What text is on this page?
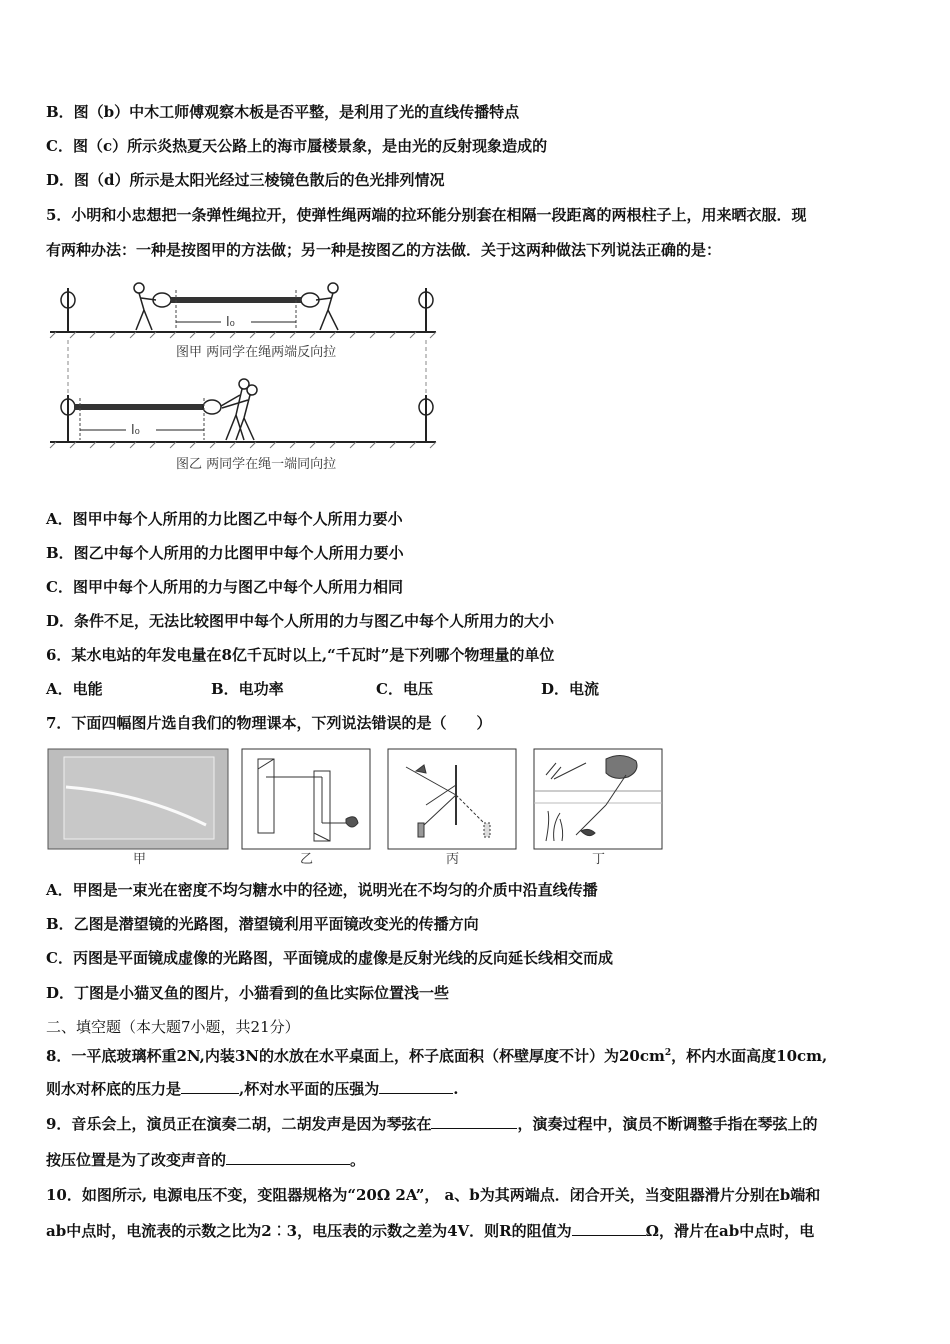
B．图（b）中木工师傅观察木板是否平整，是利用了光的直线传播特点
C．图（c）所示炎热夏天公路上的海市蜃楼景象，是由光的反射现象造成的
D．图（d）所示是太阳光经过三棱镜色散后的色光排列情况
5．小明和小忠想把一条弹性绳拉开，使弹性绳两端的拉环能分别套在相隔一段距离的两根柱子上，用来晒衣服．现
有两种办法：一种是按图甲的方法做；另一种是按图乙的方法做．关于这两种做法下列说法正确的是：
l₀
图甲 两同学在绳两端反向拉
l₀
图乙 两同学在绳一端同向拉
A．图甲中每个人所用的力比图乙中每个人所用力要小
B．图乙中每个人所用的力比图甲中每个人所用力要小
C．图甲中每个人所用的力与图乙中每个人所用力相同
D．条件不足，无法比较图甲中每个人所用的力与图乙中每个人所用力的大小
6．某水电站的年发电量在8亿千瓦时以上,“千瓦时”是下列哪个物理量的单位
A．电能	B．电功率	C．电压	D．电流
7．下面四幅图片选自我们的物理课本，下列说法错误的是（　　）
甲	乙	丙	丁
A．甲图是一束光在密度不均匀糖水中的径迹，说明光在不均匀的介质中沿直线传播
B．乙图是潜望镜的光路图，潜望镜利用平面镜改变光的传播方向
C．丙图是平面镜成虚像的光路图，平面镜成的虚像是反射光线的反向延长线相交而成
D．丁图是小猫叉鱼的图片，小猫看到的鱼比实际位置浅一些
二、填空题（本大题7小题，共21分）
8．一平底玻璃杯重2N,内装3N的水放在水平桌面上，杯子底面积（杯壁厚度不计）为$20cm^2$，杯内水面高度10cm,
则水对杯底的压力是	,杯对水平面的压强为	.
9．音乐会上，演员正在演奏二胡，二胡发声是因为琴弦在	，演奏过程中，演员不断调整手指在琴弦上的
按压位置是为了改变声音的	。
10．如图所示, 电源电压不变，变阻器规格为“20Ω 2A”， a、b为其两端点．闭合开关，当变阻器滑片分别在b端和
ab中点时，电流表的示数之比为2︰3，电压表的示数之差为4V．则R的阻值为	Ω，滑片在ab中点时，电
